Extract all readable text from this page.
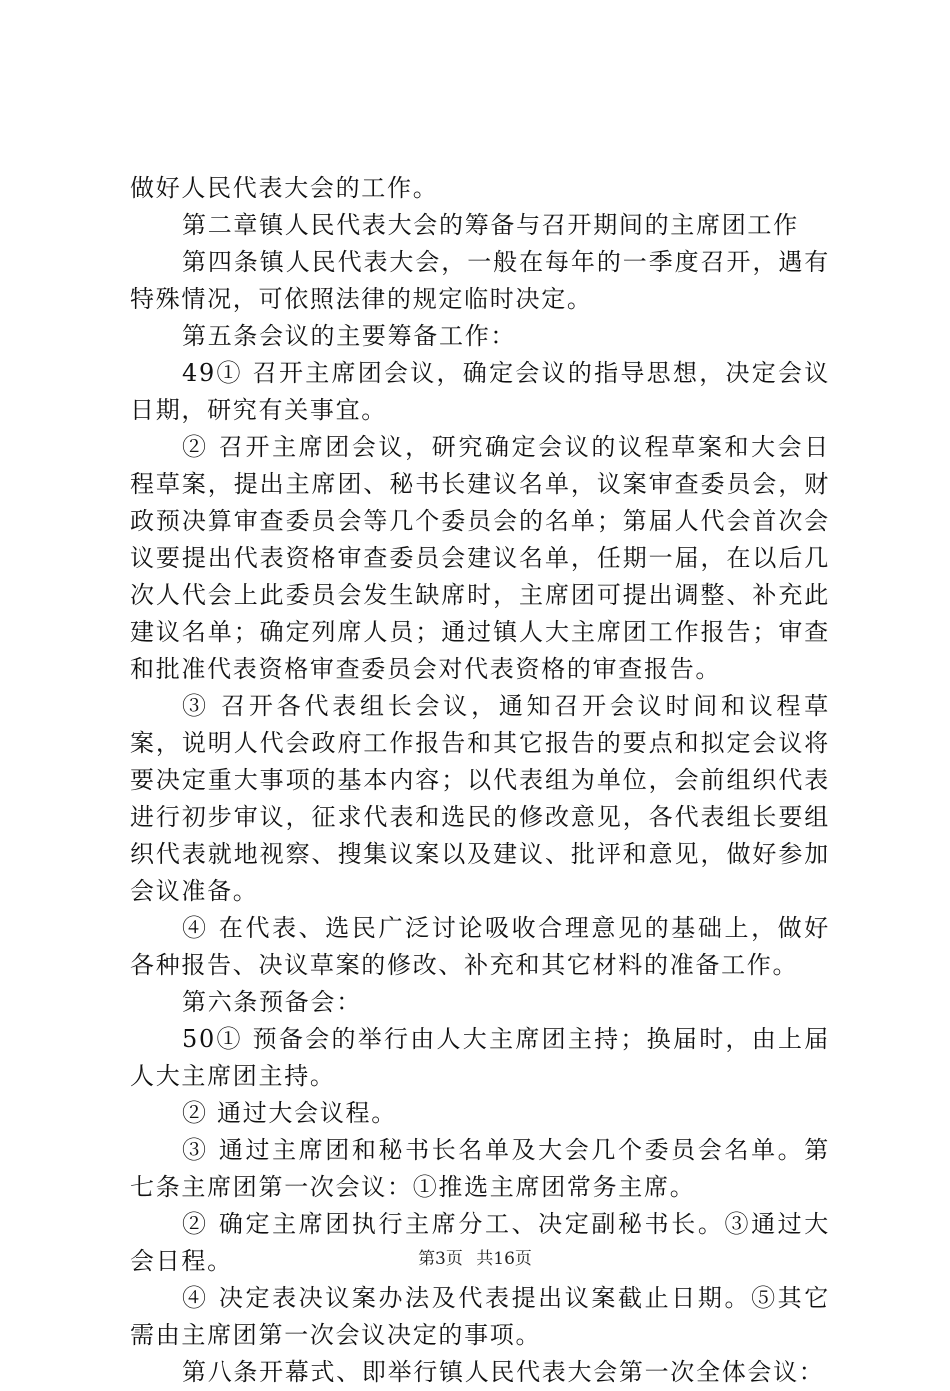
做好人民代表大会的工作。

第二章镇人民代表大会的筹备与召开期间的主席团工作

第四条镇人民代表大会，一般在每年的一季度召开，遇有特殊情况，可依照法律的规定临时决定。

第五条会议的主要筹备工作：

49① 召开主席团会议，确定会议的指导思想，决定会议日期，研究有关事宜。

② 召开主席团会议，研究确定会议的议程草案和大会日程草案，提出主席团、秘书长建议名单，议案审查委员会，财政预决算审查委员会等几个委员会的名单；第届人代会首次会议要提出代表资格审查委员会建议名单，任期一届，在以后几次人代会上此委员会发生缺席时，主席团可提出调整、补充此建议名单；确定列席人员；通过镇人大主席团工作报告；审查和批准代表资格审查委员会对代表资格的审查报告。

③ 召开各代表组长会议，通知召开会议时间和议程草案，说明人代会政府工作报告和其它报告的要点和拟定会议将要决定重大事项的基本内容；以代表组为单位，会前组织代表进行初步审议，征求代表和选民的修改意见，各代表组长要组织代表就地视察、搜集议案以及建议、批评和意见，做好参加会议准备。

④ 在代表、选民广泛讨论吸收合理意见的基础上，做好各种报告、决议草案的修改、补充和其它材料的准备工作。

第六条预备会：

50① 预备会的举行由人大主席团主持；换届时，由上届人大主席团主持。

② 通过大会议程。

③ 通过主席团和秘书长名单及大会几个委员会名单。第七条主席团第一次会议：①推选主席团常务主席。

② 确定主席团执行主席分工、决定副秘书长。③通过大会日程。

④ 决定表决议案办法及代表提出议案截止日期。⑤其它需由主席团第一次会议决定的事项。

第八条开幕式、即举行镇人民代表大会第一次全体会议：

第3页 共16页
